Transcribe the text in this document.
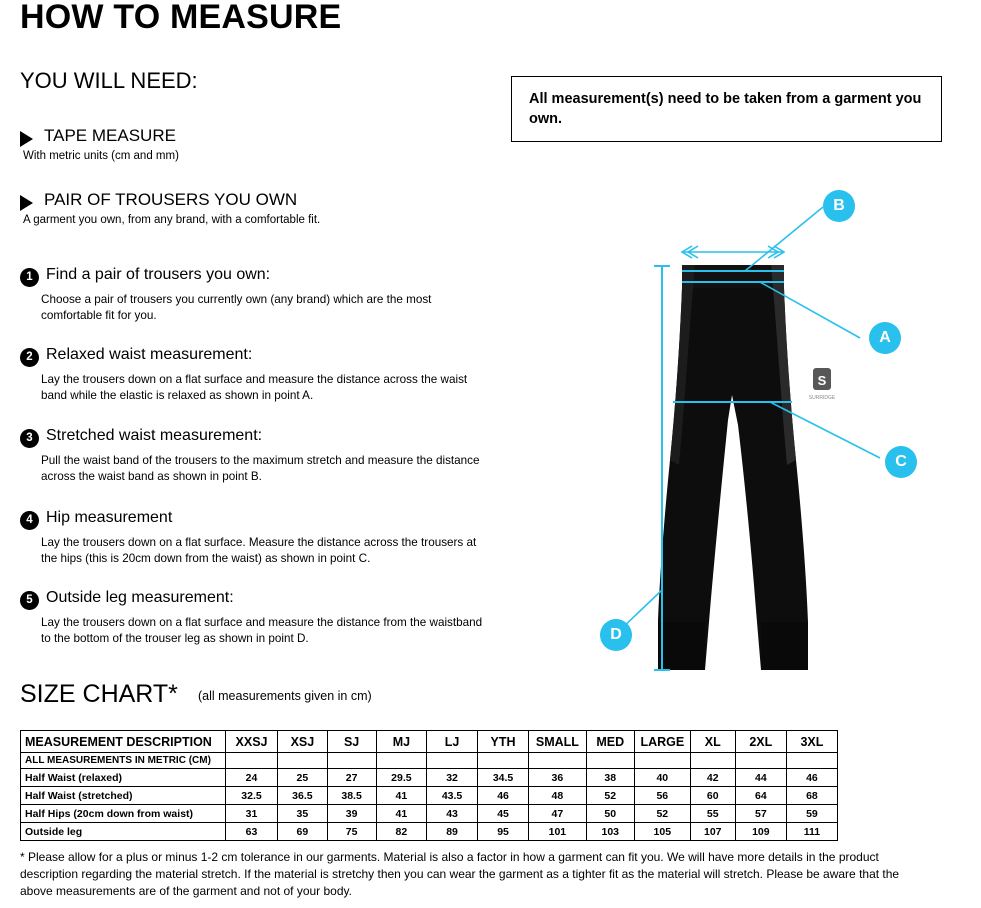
HOW TO MEASURE
YOU WILL NEED:
TAPE MEASURE
With metric units (cm and mm)
PAIR OF TROUSERS YOU OWN
A garment you own, from any brand, with a comfortable fit.
1 Find a pair of trousers you own:
Choose a pair of trousers you currently own (any brand) which are the most comfortable fit for you.
2 Relaxed waist measurement:
Lay the trousers down on a flat surface and measure the distance across the waist band while the elastic is relaxed as shown in point A.
3 Stretched waist measurement:
Pull the waist band of the trousers to the maximum stretch and measure the distance across the waist band as shown in point B.
4 Hip measurement
Lay the trousers down on a flat surface. Measure the distance across the trousers at the hips (this is 20cm down from the waist) as shown in point C.
5 Outside leg measurement:
Lay the trousers down on a flat surface and measure the distance from the waistband to the bottom of the trouser leg as shown in point D.
All measurement(s) need to be taken from a garment you own.
S
SURRIDGE
B
A
C
D
SIZE CHART* (all measurements given in cm)
MEASUREMENT DESCRIPTION	XXSJ	XSJ	SJ	MJ	LJ	YTH	SMALL	MED	LARGE	XL	2XL	3XL
ALL MEASUREMENTS IN METRIC (CM)												
Half Waist (relaxed)	24	25	27	29.5	32	34.5	36	38	40	42	44	46
Half Waist (stretched)	32.5	36.5	38.5	41	43.5	46	48	52	56	60	64	68
Half Hips (20cm down from waist)	31	35	39	41	43	45	47	50	52	55	57	59
Outside leg	63	69	75	82	89	95	101	103	105	107	109	111
* Please allow for a plus or minus 1-2 cm tolerance in our garments. Material is also a factor in how a garment can fit you. We will have more details in the product description regarding the material stretch. If the material is stretchy then you can wear the garment as a tighter fit as the material will stretch. Please be aware that the above measurements are of the garment and not of your body.
